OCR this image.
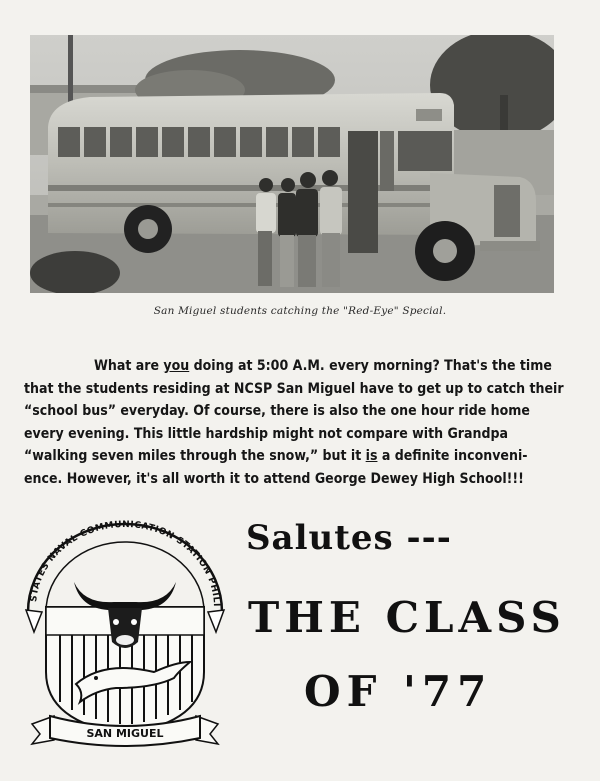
San Miguel students catching the "Red-Eye" Special.
What are you doing at 5:00 A.M. every morning? That's the time
that the students residing at NCSP San Miguel have to get up to catch their
“school bus” everyday. Of course, there is also the one hour ride home
every evening. This little hardship might not compare with Grandpa
“walking seven miles through the snow,” but it is a definite inconveni-
ence. However, it's all worth it to attend George Dewey High School!!!
STATES NAVAL COMMUNICATION STATION PHILI
SAN MIGUEL
Salutes ---
THE CLASS
OF '77
